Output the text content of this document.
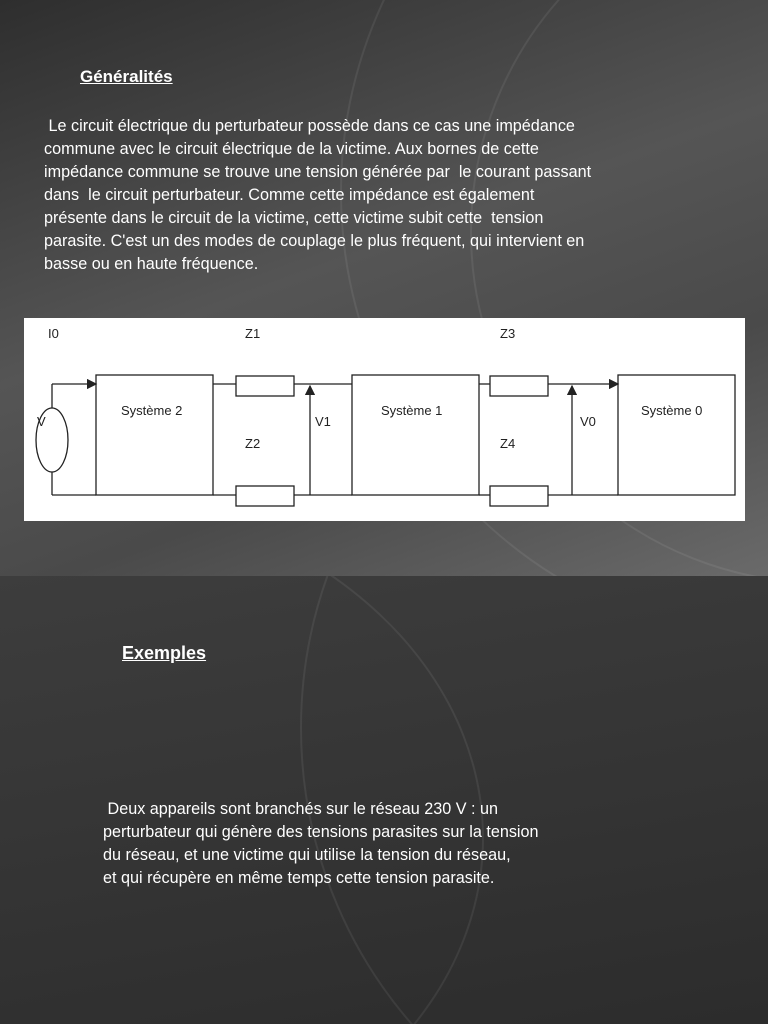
Généralités

Le circuit électrique du perturbateur possède dans ce cas une impédance

commune avec le circuit électrique de la victime. Aux bornes de cette

impédance commune se trouve une tension générée par  le courant passant

dans  le circuit perturbateur. Comme cette impédance est également

présente dans le circuit de la victime, cette victime subit cette  tension

parasite. C'est un des modes de couplage le plus fréquent, qui intervient en

basse ou en haute fréquence.

V
I0	Z1
Z2
Z3
Z4
V1	V0
Système 2	Système 1	Système 0

Exemples

Deux appareils sont branchés sur le réseau 230 V : un

perturbateur qui génère des tensions parasites sur la tension

du réseau, et une victime qui utilise la tension du réseau,

et qui récupère en même temps cette tension parasite.
